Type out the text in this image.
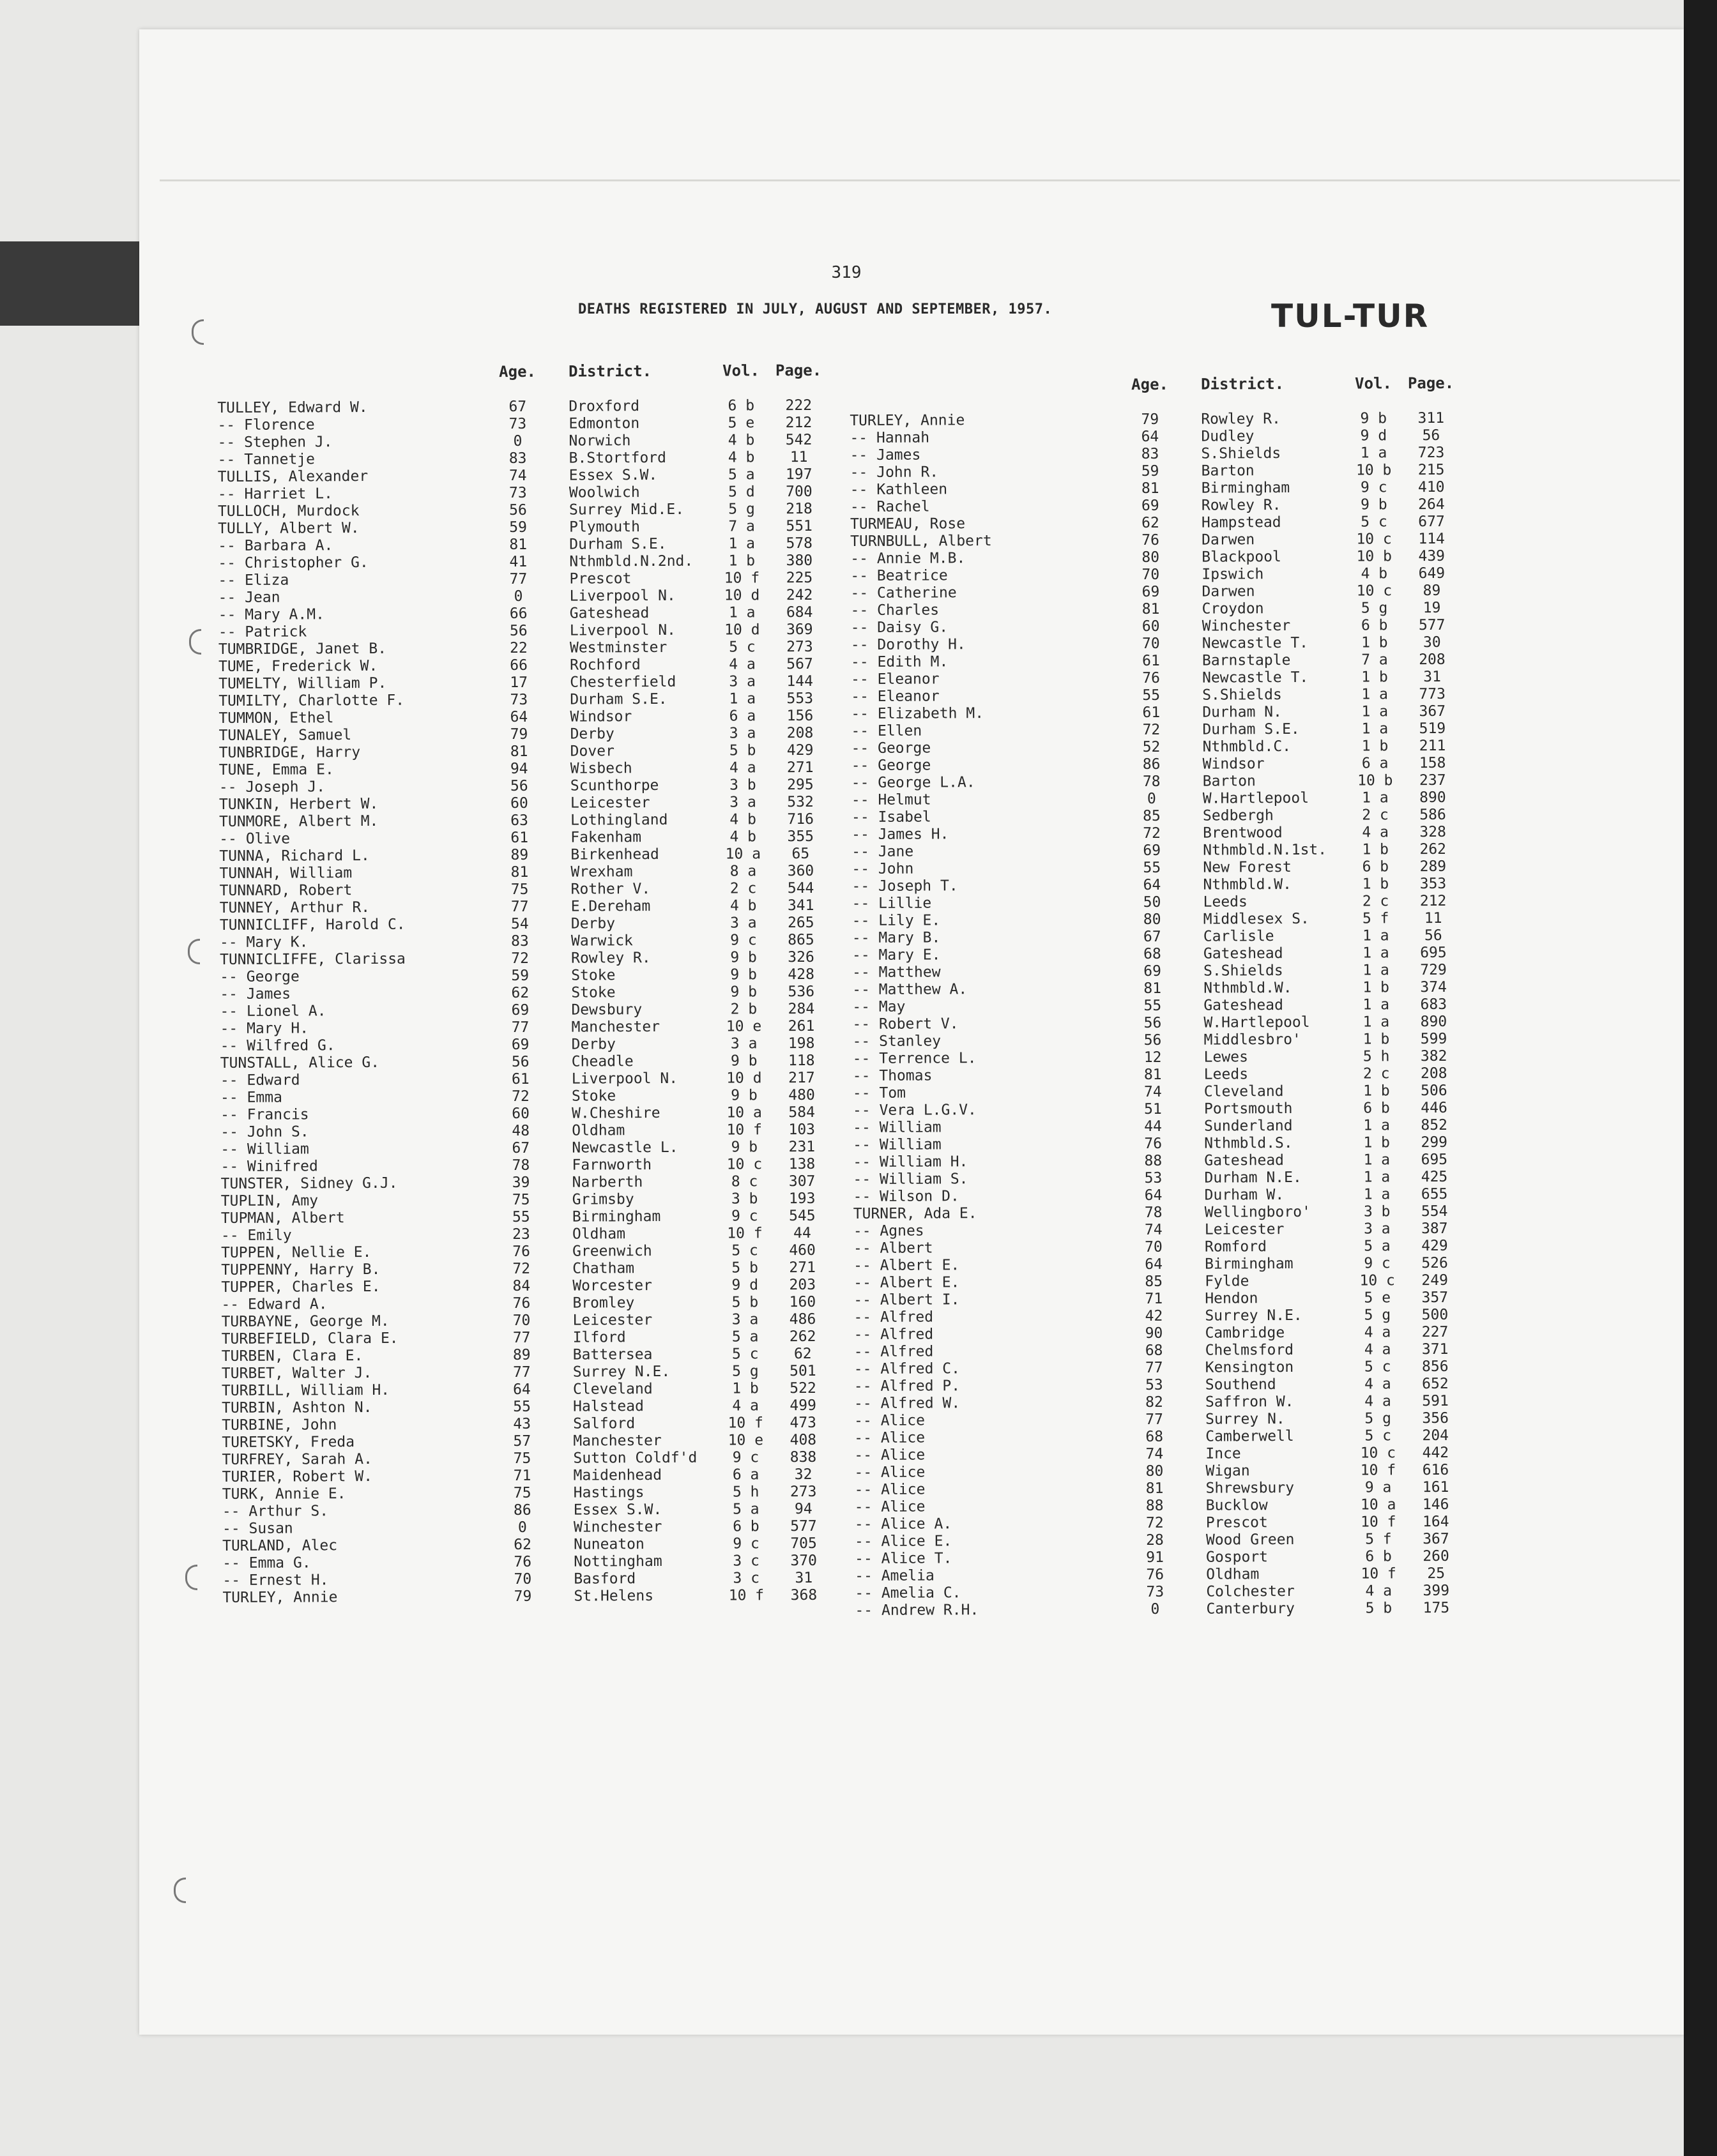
319
DEATHS REGISTERED IN JULY, AUGUST AND SEPTEMBER, 1957.	TUL-TUR
Age. District.	Vol.	Page.
TULLEY, Edward W.	67	Droxford	6 b	222
-- Florence	73	Edmonton	5 e	212
-- Stephen J.	0	Norwich	4 b	542
-- Tannetje	83	B.Stortford	4 b	11
TULLIS, Alexander	74	Essex S.W.	5 a	197
-- Harriet L.	73	Woolwich	5 d	700
TULLOCH, Murdock	56	Surrey Mid.E.	5 g	218
TULLY, Albert W.	59	Plymouth	7 a	551
-- Barbara A.	81	Durham S.E.	1 a	578
-- Christopher G.	41	Nthmbld.N.2nd.	1 b	380
-- Eliza	77	Prescot	10 f	225
-- Jean	0	Liverpool N.	10 d	242
-- Mary A.M.	66	Gateshead	1 a	684
-- Patrick	56	Liverpool N.	10 d	369
TUMBRIDGE, Janet B.	22	Westminster	5 c	273
TUME, Frederick W.	66	Rochford	4 a	567
TUMELTY, William P.	17	Chesterfield	3 a	144
TUMILTY, Charlotte F.	73	Durham S.E.	1 a	553
TUMMON, Ethel	64	Windsor	6 a	156
TUNALEY, Samuel	79	Derby	3 a	208
TUNBRIDGE, Harry	81	Dover	5 b	429
TUNE, Emma E.	94	Wisbech	4 a	271
-- Joseph J.	56	Scunthorpe	3 b	295
TUNKIN, Herbert W.	60	Leicester	3 a	532
TUNMORE, Albert M.	63	Lothingland	4 b	716
-- Olive	61	Fakenham	4 b	355
TUNNA, Richard L.	89	Birkenhead	10 a	65
TUNNAH, William	81	Wrexham	8 a	360
TUNNARD, Robert	75	Rother V.	2 c	544
TUNNEY, Arthur R.	77	E.Dereham	4 b	341
TUNNICLIFF, Harold C.	54	Derby	3 a	265
-- Mary K.	83	Warwick	9 c	865
TUNNICLIFFE, Clarissa	72	Rowley R.	9 b	326
-- George	59	Stoke	9 b	428
-- James	62	Stoke	9 b	536
-- Lionel A.	69	Dewsbury	2 b	284
-- Mary H.	77	Manchester	10 e	261
-- Wilfred G.	69	Derby	3 a	198
TUNSTALL, Alice G.	56	Cheadle	9 b	118
-- Edward	61	Liverpool N.	10 d	217
-- Emma	72	Stoke	9 b	480
-- Francis	60	W.Cheshire	10 a	584
-- John S.	48	Oldham	10 f	103
-- William	67	Newcastle L.	9 b	231
-- Winifred	78	Farnworth	10 c	138
TUNSTER, Sidney G.J.	39	Narberth	8 c	307
TUPLIN, Amy	75	Grimsby	3 b	193
TUPMAN, Albert	55	Birmingham	9 c	545
-- Emily	23	Oldham	10 f	44
TUPPEN, Nellie E.	76	Greenwich	5 c	460
TUPPENNY, Harry B.	72	Chatham	5 b	271
TUPPER, Charles E.	84	Worcester	9 d	203
-- Edward A.	76	Bromley	5 b	160
TURBAYNE, George M.	70	Leicester	3 a	486
TURBEFIELD, Clara E.	77	Ilford	5 a	262
TURBEN, Clara E.	89	Battersea	5 c	62
TURBET, Walter J.	77	Surrey N.E.	5 g	501
TURBILL, William H.	64	Cleveland	1 b	522
TURBIN, Ashton N.	55	Halstead	4 a	499
TURBINE, John	43	Salford	10 f	473
TURETSKY, Freda	57	Manchester	10 e	408
TURFREY, Sarah A.	75	Sutton Coldf'd	9 c	838
TURIER, Robert W.	71	Maidenhead	6 a	32
TURK, Annie E.	75	Hastings	5 h	273
-- Arthur S.	86	Essex S.W.	5 a	94
-- Susan	0	Winchester	6 b	577
TURLAND, Alec	62	Nuneaton	9 c	705
-- Emma G.	76	Nottingham	3 c	370
-- Ernest H.	70	Basford	3 c	31
TURLEY, Annie	79	St.Helens	10 f	368
Age. District.	Vol.	Page.
TURLEY, Annie	79	Rowley R.	9 b	311
-- Hannah	64	Dudley	9 d	56
-- James	83	S.Shields	1 a	723
-- John R.	59	Barton	10 b	215
-- Kathleen	81	Birmingham	9 c	410
-- Rachel	69	Rowley R.	9 b	264
TURMEAU, Rose	62	Hampstead	5 c	677
TURNBULL, Albert	76	Darwen	10 c	114
-- Annie M.B.	80	Blackpool	10 b	439
-- Beatrice	70	Ipswich	4 b	649
-- Catherine	69	Darwen	10 c	89
-- Charles	81	Croydon	5 g	19
-- Daisy G.	60	Winchester	6 b	577
-- Dorothy H.	70	Newcastle T.	1 b	30
-- Edith M.	61	Barnstaple	7 a	208
-- Eleanor	76	Newcastle T.	1 b	31
-- Eleanor	55	S.Shields	1 a	773
-- Elizabeth M.	61	Durham N.	1 a	367
-- Ellen	72	Durham S.E.	1 a	519
-- George	52	Nthmbld.C.	1 b	211
-- George	86	Windsor	6 a	158
-- George L.A.	78	Barton	10 b	237
-- Helmut	0	W.Hartlepool	1 a	890
-- Isabel	85	Sedbergh	2 c	586
-- James H.	72	Brentwood	4 a	328
-- Jane	69	Nthmbld.N.1st.	1 b	262
-- John	55	New Forest	6 b	289
-- Joseph T.	64	Nthmbld.W.	1 b	353
-- Lillie	50	Leeds	2 c	212
-- Lily E.	80	Middlesex S.	5 f	11
-- Mary B.	67	Carlisle	1 a	56
-- Mary E.	68	Gateshead	1 a	695
-- Matthew	69	S.Shields	1 a	729
-- Matthew A.	81	Nthmbld.W.	1 b	374
-- May	55	Gateshead	1 a	683
-- Robert V.	56	W.Hartlepool	1 a	890
-- Stanley	56	Middlesbro'	1 b	599
-- Terrence L.	12	Lewes	5 h	382
-- Thomas	81	Leeds	2 c	208
-- Tom	74	Cleveland	1 b	506
-- Vera L.G.V.	51	Portsmouth	6 b	446
-- William	44	Sunderland	1 a	852
-- William	76	Nthmbld.S.	1 b	299
-- William H.	88	Gateshead	1 a	695
-- William S.	53	Durham N.E.	1 a	425
-- Wilson D.	64	Durham W.	1 a	655
TURNER, Ada E.	78	Wellingboro'	3 b	554
-- Agnes	74	Leicester	3 a	387
-- Albert	70	Romford	5 a	429
-- Albert E.	64	Birmingham	9 c	526
-- Albert E.	85	Fylde	10 c	249
-- Albert I.	71	Hendon	5 e	357
-- Alfred	42	Surrey N.E.	5 g	500
-- Alfred	90	Cambridge	4 a	227
-- Alfred	68	Chelmsford	4 a	371
-- Alfred C.	77	Kensington	5 c	856
-- Alfred P.	53	Southend	4 a	652
-- Alfred W.	82	Saffron W.	4 a	591
-- Alice	77	Surrey N.	5 g	356
-- Alice	68	Camberwell	5 c	204
-- Alice	74	Ince	10 c	442
-- Alice	80	Wigan	10 f	616
-- Alice	81	Shrewsbury	9 a	161
-- Alice	88	Bucklow	10 a	146
-- Alice A.	72	Prescot	10 f	164
-- Alice E.	28	Wood Green	5 f	367
-- Alice T.	91	Gosport	6 b	260
-- Amelia	76	Oldham	10 f	25
-- Amelia C.	73	Colchester	4 a	399
-- Andrew R.H.	0	Canterbury	5 b	175
